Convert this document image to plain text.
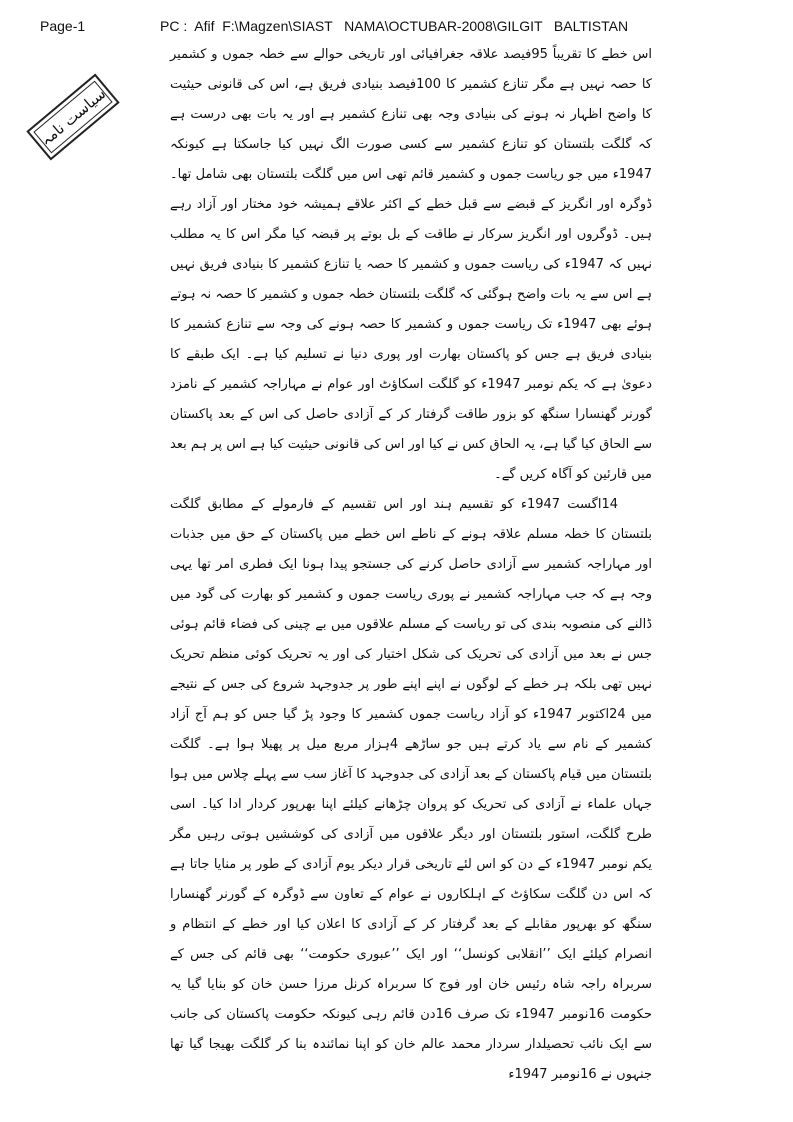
Page-1	PC :  Afif  F:\Magzen\SIAST   NAMA\OCTUBAR-2008\GILGIT   BALTISTAN
سیاست نامہ

اس خطے کا تقریباً 95فیصد علاقہ جغرافیائی اور تاریخی حوالے سے خطہ جموں و کشمیر کا حصہ نہیں ہے مگر تنازع کشمیر کا 100فیصد بنیادی فریق ہے، اس کی قانونی حیثیت کا واضح اظہار نہ ہونے کی بنیادی وجہ بھی تنازع کشمیر ہے اور یہ بات بھی درست ہے کہ گلگت بلتستان کو تنازع کشمیر سے کسی صورت الگ نہیں کیا جاسکتا ہے کیونکہ 1947ء میں جو ریاست جموں و کشمیر قائم تھی اس میں گلگت بلتستان بھی شامل تھا۔ ڈوگرہ اور انگریز کے قبضے سے قبل خطے کے اکثر علاقے ہمیشہ خود مختار اور آزاد رہے ہیں۔ ڈوگروں اور انگریز سرکار نے طاقت کے بل بوتے پر قبضہ کیا مگر اس کا یہ مطلب نہیں کہ 1947ء کی ریاست جموں و کشمیر کا حصہ یا تنازع کشمیر کا بنیادی فریق نہیں ہے اس سے یہ بات واضح ہوگئی کہ گلگت بلتستان خطہ جموں و کشمیر کا حصہ نہ ہوتے ہوئے بھی 1947ء تک ریاست جموں و کشمیر کا حصہ ہونے کی وجہ سے تنازع کشمیر کا بنیادی فریق ہے جس کو پاکستان بھارت اور پوری دنیا نے تسلیم کیا ہے۔ ایک طبقے کا دعویٰ ہے کہ یکم نومبر 1947ء کو گلگت اسکاؤٹ اور عوام نے مہاراجہ کشمیر کے نامزد گورنر گھنسارا سنگھ کو بزور طاقت گرفتار کر کے آزادی حاصل کی اس کے بعد پاکستان سے الحاق کیا گیا ہے، یہ الحاق کس نے کیا اور اس کی قانونی حیثیت کیا ہے اس پر ہم بعد میں قارئین کو آگاہ کریں گے۔

14اگست 1947ء کو تقسیم ہند اور اس تقسیم کے فارمولے کے مطابق گلگت بلتستان کا خطہ مسلم علاقہ ہونے کے ناطے اس خطے میں پاکستان کے حق میں جذبات اور مہاراجہ کشمیر سے آزادی حاصل کرنے کی جستجو پیدا ہونا ایک فطری امر تھا یہی وجہ ہے کہ جب مہاراجہ کشمیر نے پوری ریاست جموں و کشمیر کو بھارت کی گود میں ڈالنے کی منصوبہ بندی کی تو ریاست کے مسلم علاقوں میں بے چینی کی فضاء قائم ہوئی جس نے بعد میں آزادی کی تحریک کی شکل اختیار کی اور یہ تحریک کوئی منظم تحریک نہیں تھی بلکہ ہر خطے کے لوگوں نے اپنے اپنے طور پر جدوجہد شروع کی جس کے نتیجے میں 24اکتوبر 1947ء کو آزاد ریاست جموں کشمیر کا وجود پڑ گیا جس کو ہم آج آزاد کشمیر کے نام سے یاد کرتے ہیں جو ساڑھے 4ہزار مربع میل پر پھیلا ہوا ہے۔ گلگت بلتستان میں قیام پاکستان کے بعد آزادی کی جدوجہد کا آغاز سب سے پہلے چلاس میں ہوا جہاں علماء نے آزادی کی تحریک کو پروان چڑھانے کیلئے اپنا بھرپور کردار ادا کیا۔ اسی طرح گلگت، استور بلتستان اور دیگر علاقوں میں آزادی کی کوششیں ہوتی رہیں مگر یکم نومبر 1947ء کے دن کو اس لئے تاریخی قرار دیکر یوم آزادی کے طور پر منایا جاتا ہے کہ اس دن گلگت سکاؤٹ کے اہلکاروں نے عوام کے تعاون سے ڈوگرہ کے گورنر گھنسارا سنگھ کو بھرپور مقابلے کے بعد گرفتار کر کے آزادی کا اعلان کیا اور خطے کے انتظام و انصرام کیلئے ایک ’’انقلابی کونسل‘‘ اور ایک ’’عبوری حکومت‘‘ بھی قائم کی جس کے سربراہ راجہ شاہ رئیس خان اور فوج کا سربراہ کرنل مرزا حسن خان کو بنایا گیا یہ حکومت 16نومبر 1947ء تک صرف 16دن قائم رہی کیونکہ حکومت پاکستان کی جانب سے ایک نائب تحصیلدار سردار محمد عالم خان کو اپنا نمائندہ بنا کر گلگت بھیجا گیا تھا جنہوں نے 16نومبر 1947ء
